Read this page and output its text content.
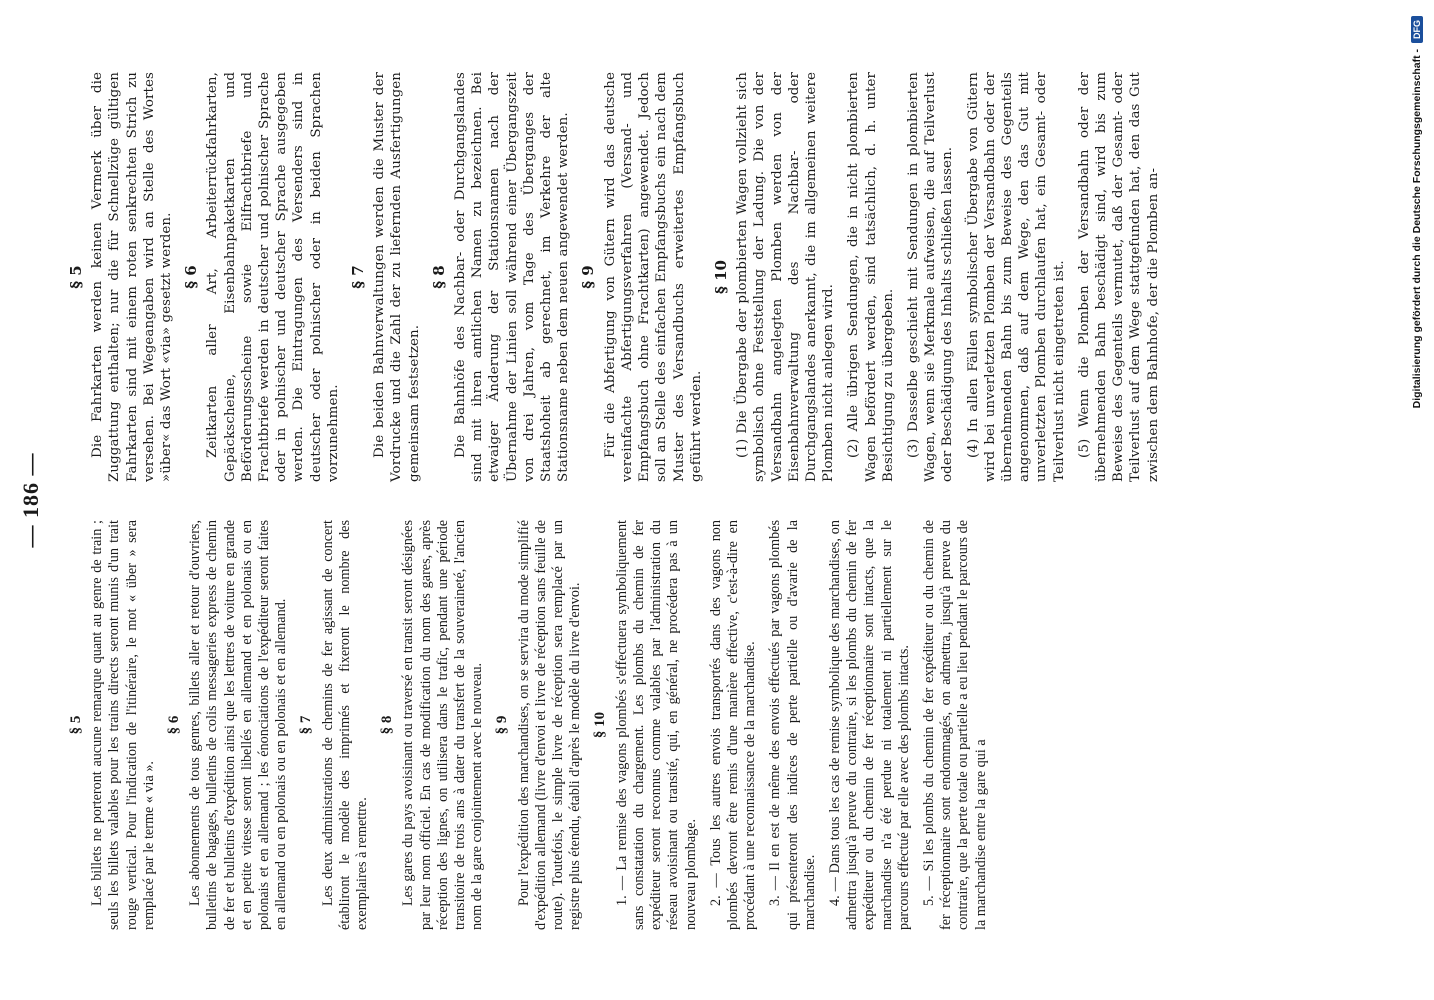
— 186 —
§ 5 Les billets ne porteront aucune remarque quant au genre de train ; seuls les billets valables pour les trains directs seront munis d'un trait rouge vertical. Pour l'indication de l'itinéraire, le mot « über » sera remplacé par le terme « via ».

§ 6 Les abonnements de tous genres, billets aller et retour d'ouvriers, bulletins de bagages, bulletins de colis messageries express de chemin de fer et bulletins d'expédition ainsi que les lettres de voiture en grande et en petite vitesse seront libellés en allemand et en polonais ou en polonais et en allemand ; les énonciations de l'expéditeur seront faites en allemand ou en polonais ou en polonais et en allemand. § 7 Les deux administrations de chemins de fer agissant de concert établiront le modèle des imprimés et fixeront le nombre des exemplaires à remettre.

§ 8 Les gares du pays avoisinant ou traversé en transit seront désignées par leur nom officiel. En cas de modification du nom des gares, après réception des lignes, on utilisera dans le trafic, pendant une période transitoire de trois ans à dater du transfert de la souveraineté, l'ancien nom de la gare conjointement avec le nouveau. § 9 Pour l'expédition des marchandises, on se servira du mode simplifié d'expédition allemand (livre d'envoi et livre de réception sans feuille de route). Toutefois, le simple livre de réception sera remplacé par un registre plus étendu, établi d'après le modèle du livre d'envoi. § 10 1. — La remise des vagons plombés s'effectuera symboliquement sans constatation du chargement. Les plombs du chemin de fer expéditeur seront reconnus comme valables par l'administration du réseau avoisinant ou transité, qui, en général, ne procédera pas à un nouveau plombage. 2. — Tous les autres envois transportés dans des vagons non plombés devront être remis d'une manière effective, c'est-à-dire en procédant à une reconnaissance de la marchandise. 3. — Il en est de même des envois effectués par vagons plombés qui présenteront des indices de perte partielle ou d'avarie de la marchandise. 4. — Dans tous les cas de remise symbolique des marchandises, on admettra jusqu'à preuve du contraire, si les plombs du chemin de fer expéditeur ou du chemin de fer réceptionnaire sont intacts, que la marchandise n'a été perdue ni totalement ni partiellement sur le parcours effectué par elle avec des plombs intacts. 5. — Si les plombs du chemin de fer expéditeur ou du chemin de fer réceptionnaire sont endommagés, on admettra, jusqu'à preuve du contraire, que la perte totale ou partielle a eu lieu pendant le parcours de la marchandise entre la gare qui a

§ 5 Die Fahrkarten werden keinen Vermerk über die Zuggattung enthalten; nur die für Schnellzüge gültigen Fahrkarten sind mit einem roten senkrechten Strich zu versehen. Bei Wegeangaben wird an Stelle des Wortes »über« das Wort «via» gesetzt werden. § 6 Zeitkarten aller Art, Arbeiterrückfahrkarten, Gepäckscheine, Eisenbahnpaketkarten und Beförderungsscheine sowie Eilfrachtbriefe und Frachtbriefe werden in deutscher und polnischer Sprache oder in polnischer und deutscher Sprache ausgegeben werden. Die Eintragungen des Versenders sind in deutscher oder polnischer oder in beiden Sprachen vorzunehmen.

§ 7 Die beiden Bahnverwaltungen werden die Muster der Vordrucke und die Zahl der zu liefernden Ausfertigungen gemeinsam festsetzen.

§ 8 Die Bahnhöfe des Nachbar- oder Durchgangslandes sind mit ihren amtlichen Namen zu bezeichnen. Bei etwaiger Änderung der Stationsnamen nach der Übernahme der Linien soll während einer Übergangszeit von drei Jahren, vom Tage des Überganges der Staatshoheit ab gerechnet, im Verkehre der alte Stationsname neben dem neuen angewendet werden. § 9 Für die Abfertigung von Gütern wird das deutsche vereinfachte Abfertigungsverfahren (Versand- und Empfangsbuch ohne Frachtkarten) angewendet. Jedoch soll an Stelle des einfachen Empfangsbuchs ein nach dem Muster des Versandbuchs erweitertes Empfangsbuch geführt werden.

§ 10 (1) Die Übergabe der plombierten Wagen vollzieht sich symbolisch ohne Feststellung der Ladung. Die von der Versandbahn angelegten Plomben werden von der Eisenbahnverwaltung des Nachbar- oder Durchgangslandes anerkannt, die im allgemeinen weitere Plomben nicht anlegen wird. (2) Alle übrigen Sendungen, die in nicht plombierten Wagen befördert werden, sind tatsächlich, d. h. unter Besichtigung zu übergeben. (3) Dasselbe geschieht mit Sendungen in plombierten Wagen, wenn sie Merkmale aufweisen, die auf Teilverlust oder Beschädigung des Inhalts schließen lassen. (4) In allen Fällen symbolischer Übergabe von Gütern wird bei unverletzten Plomben der Versandbahn oder der übernehmenden Bahn bis zum Beweise des Gegenteils angenommen, daß auf dem Wege, den das Gut mit unverletzten Plomben durchlaufen hat, ein Gesamt- oder Teilverlust nicht eingetreten ist. (5) Wenn die Plomben der Versandbahn oder der übernehmenden Bahn beschädigt sind, wird bis zum Beweise des Gegenteils vermutet, daß der Gesamt- oder Teilverlust auf dem Wege stattgefunden hat, den das Gut zwischen dem Bahnhofe, der die Plomben an-	Digitalisierung gefördert durch die Deutsche Forschungsgemeinschaft -
DFG
